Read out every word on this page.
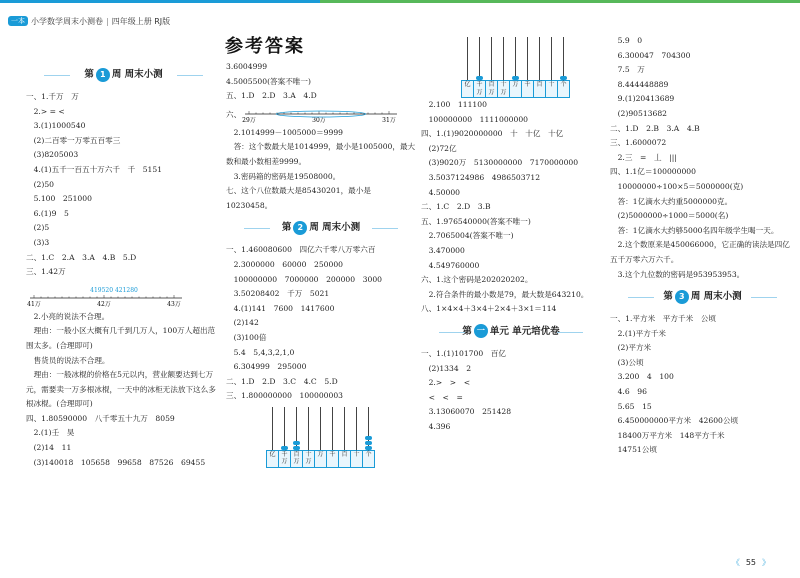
一本 小学数学周末小测卷 | 四年级上册 RJ版
参考答案
第 1 周 周末小测
一、1.千万　万
　2.> = <
　3.(1)1000540
　(2)二百零一万零五百零三
　(3)8205003
　4.(1)五千一百五十万六千　千　5151
　(2)50
　5.100　251000
　6.(1)9　5
　(2)5
　(3)3
二、1.C　2.A　3.A　4.B　5.D
三、1.42万
41万	42万	43万
419520 421280
　2.小亮的说法不合理。
　理由：一般小区大概有几千到几万人，100万人超出范围太多。(合理即可)
　售货员的说法不合理。
　理由：一般冰棍的价格在5元以内，营业额要达到七万元，需要卖一万多根冰棍，一天中的冰柜无法放下这么多根冰棍。(合理即可)
四、1.80590000　八千零五十九万　8059
　2.(1)壬　昊
　(2)14　11
　(3)140018　105658　99658　87526　69455
3.6004999
4.5005500(答案不唯一)
五、1.D　2.D　3.A　4.D
六、
29万	30万	31万
　2.1014999－1005000＝9999
　答：这个数最大是1014999，最小是1005000，最大数和最小数相差9999。
　3.密码箱的密码是19508000。
七、这个八位数最大是85430201，最小是10230458。
第 2 周 周末小测
一、1.460080600　四亿六千零八万零六百
　2.3000000　60000　250000
　100000000　7000000　200000　3000
　3.50208402　千万　5021
　4.(1)141　7600　1417600
　(2)142
　(3)100倍
　5.4　5,4,3,2,1,0
　6.304999　295000
二、1.D　2.D　3.C　4.C　5.D
三、1.800000000　100000003
亿 千万
百万
十万
万 千 百 十 个
亿 千万
百万
十万
万 千 百 十 个
　2.100　111100
　100000000　1111000000
四、1.(1)9020000000　十　十亿　十亿
　(2)72亿
　(3)9020万　5130000000　7170000000
　3.5037124986　4986503712
　4.50000
二、1.C　2.D　3.B
五、1.976540000(答案不唯一)
　2.7065004(答案不唯一)
　3.470000
　4.549760000
六、1.这个密码是202020202。
　2.符合条件的最小数是79，最大数是643210。
八、1×4×4＋3×4＋2×4＋3×1＝114
第 一 单元 单元培优卷
一、1.(1)101700　百亿
　(2)1334　2
　2.>　>　<
　<　<　=
　3.13060070　251428
　4.396
　5.9　0
　6.300047　704300
　7.5　万
　8.444448889
　9.(1)20413689
　(2)90513682
二、1.D　2.B　3.A　4.B
三、1.6000072
　2.三　=　丄　|||
四、1.1亿＝100000000
　10000000÷100×5＝5000000(克)
　答：1亿滴水大约重5000000克。
　(2)5000000÷1000＝5000(名)
　答：1亿滴水大约够5000名四年级学生喝一天。
　2.这个数原来是450066000，它正确的读法是四亿五千万零六万六千。
　3.这个九位数的密码是953953953。
第 3 周 周末小测
一、1.平方米　平方千米　公顷
　2.(1)平方千米
　(2)平方米
　(3)公顷
　3.200　4　100
　4.6　96
　5.65　15
　6.450000000平方米　42600公顷
　18400万平方米　148平方千米
　14751公顷
《 55 》
